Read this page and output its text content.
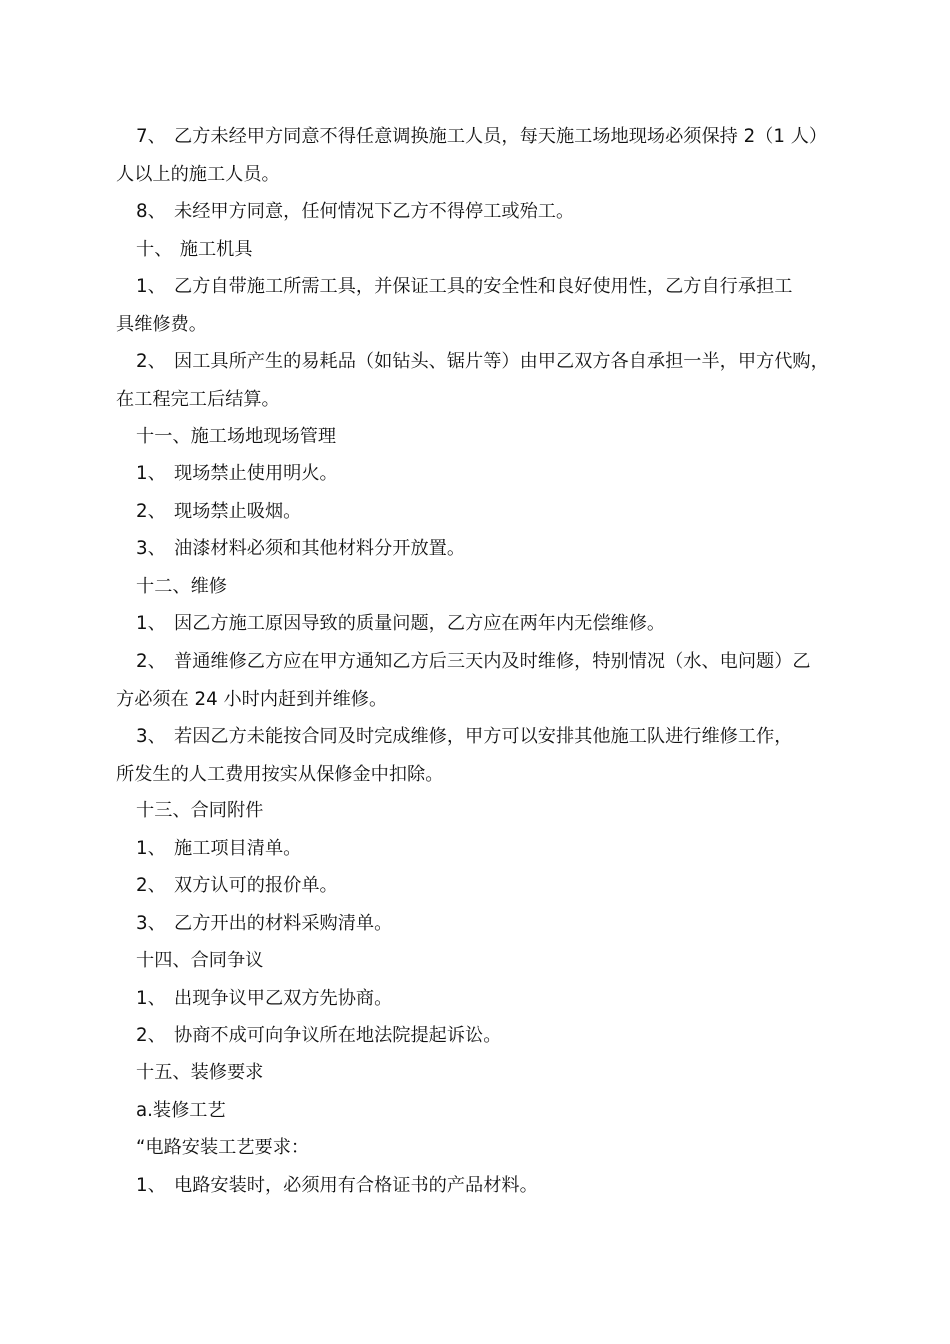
7、 乙方未经甲方同意不得任意调换施工人员，每天施工场地现场必须保持 2（1 人）
人以上的施工人员。
8、 未经甲方同意，任何情况下乙方不得停工或殆工。
十、 施工机具
1、 乙方自带施工所需工具，并保证工具的安全性和良好使用性，乙方自行承担工
具维修费。
2、 因工具所产生的易耗品（如钻头、锯片等）由甲乙双方各自承担一半，甲方代购，
在工程完工后结算。
十一、施工场地现场管理
1、 现场禁止使用明火。
2、 现场禁止吸烟。
3、 油漆材料必须和其他材料分开放置。
十二、维修
1、 因乙方施工原因导致的质量问题，乙方应在两年内无偿维修。
2、 普通维修乙方应在甲方通知乙方后三天内及时维修，特别情况（水、电问题）乙
方必须在 24 小时内赶到并维修。
3、 若因乙方未能按合同及时完成维修，甲方可以安排其他施工队进行维修工作，
所发生的人工费用按实从保修金中扣除。
十三、合同附件
1、 施工项目清单。
2、 双方认可的报价单。
3、 乙方开出的材料采购清单。
十四、合同争议
1、 出现争议甲乙双方先协商。
2、 协商不成可向争议所在地法院提起诉讼。
十五、装修要求
a.装修工艺
“电路安装工艺要求：
1、 电路安装时，必须用有合格证书的产品材料。
